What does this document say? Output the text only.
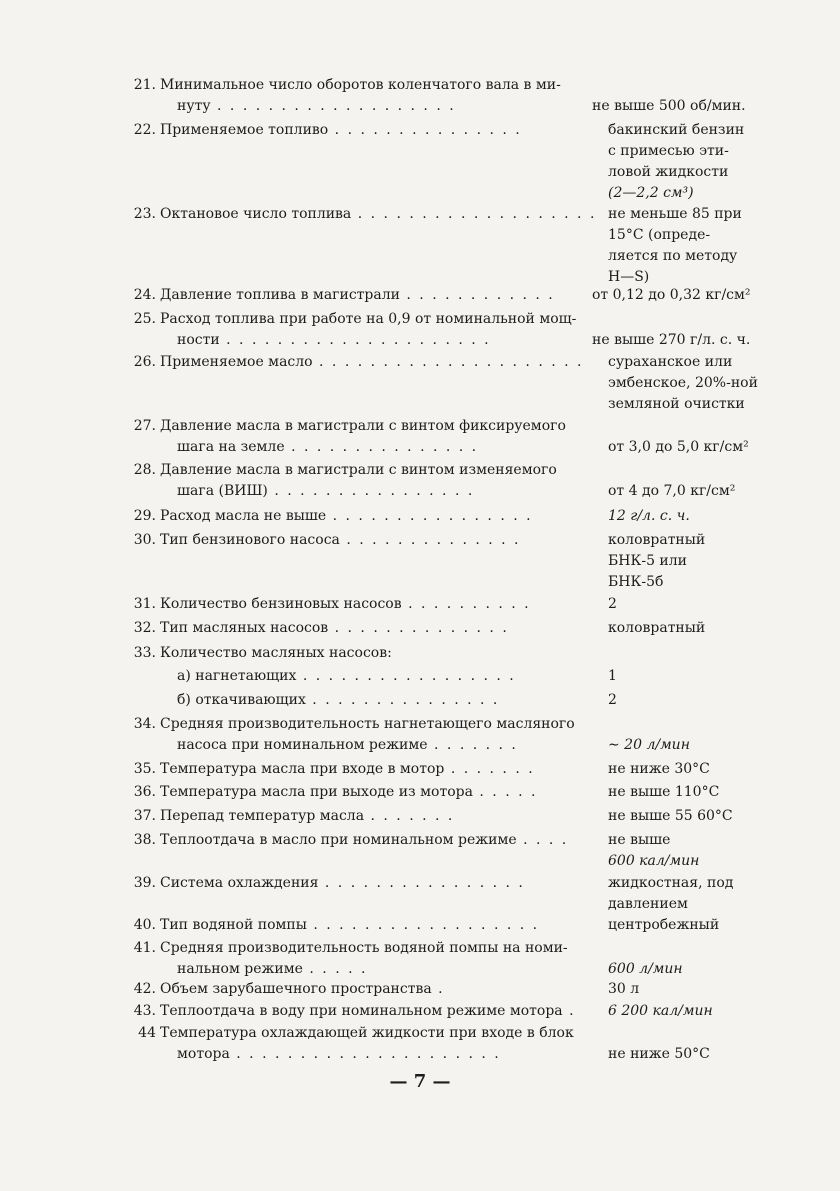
21. Минимальное число оборотов коленчатого вала в ми-
нуту . . . . . . . . . . . . . . . . . . .	не выше 500 об/мин.
22. Применяемое топливо . . . . . . . . . . . . . . .	бакинский бензин
с примесью эти-
ловой жидкости
(2—2,2 см³)
23. Октановое число топлива . . . . . . . . . . . . . . . . . . . не меньше 85 при
15°С (опреде-
ляется по методу
Н—S)
24. Давление топлива в магистрали . . . . . . . . . . . .	от 0,12 до 0,32 кг/см²
25. Расход топлива при работе на 0,9 от номинальной мощ-
ности . . . . . . . . . . . . . . . . . . . . .	не выше 270 г/л. с. ч.
26. Применяемое масло . . . . . . . . . . . . . . . . . . . . . сураханское или
эмбенское, 20%-ной
земляной очистки
27. Давление масла в магистрали с винтом фиксируемого
шага на земле . . . . . . . . . . . . . . .	от 3,0 до 5,0 кг/см²
28. Давление масла в магистрали с винтом изменяемого
шага (ВИШ) . . . . . . . . . . . . . . . .	от 4 до 7,0 кг/см²
29. Расход масла не выше . . . . . . . . . . . . . . . .	12 г/л. с. ч.
30. Тип бензинового насоса . . . . . . . . . . . . . .	коловратный
БНК-5 или
БНК-5б
31. Количество бензиновых насосов . . . . . . . . . .	2
32. Тип масляных насосов . . . . . . . . . . . . . .	коловратный
33. Количество масляных насосов:
а) нагнетающих . . . . . . . . . . . . . . . . .	1
б) откачивающих . . . . . . . . . . . . . . .	2
34. Средняя производительность нагнетающего масляного
насоса при номинальном режиме . . . . . . .	∼ 20 л/мин
35. Температура масла при входе в мотор . . . . . . .	не ниже 30°С
36. Температура масла при выходе из мотора . . . . .	не выше 110°С
37. Перепад температур масла . . . . . . .	не выше 55 60°С
38. Теплоотдача в масло при номинальном режиме . . . .	не выше
600 кал/мин
39. Система охлаждения . . . . . . . . . . . . . . . .	жидкостная, под
давлением
40. Тип водяной помпы . . . . . . . . . . . . . . . . . .	центробежный
41. Средняя производительность водяной помпы на номи-
нальном режиме . . . . .	600 л/мин
42. Объем зарубашечного пространства .	30 л
43. Теплоотдача в воду при номинальном режиме мотора . 6 200 кал/мин
44 Температура охлаждающей жидкости при входе в блок
мотора . . . . . . . . . . . . . . . . . . . . .	не ниже 50°С
— 7 —
